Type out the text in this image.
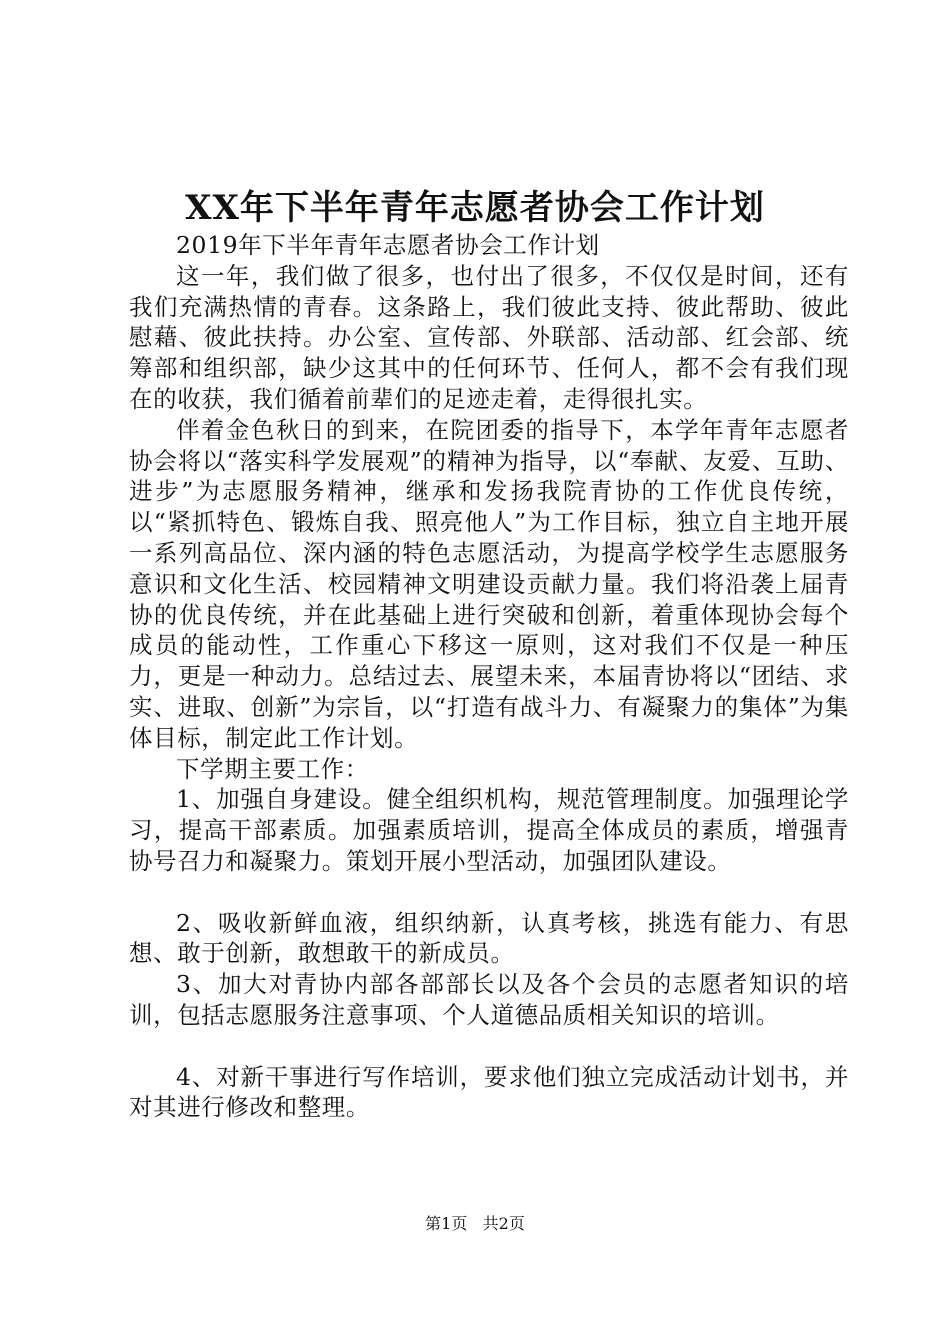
XX年下半年青年志愿者协会工作计划

2019年下半年青年志愿者协会工作计划

这一年，我们做了很多，也付出了很多，不仅仅是时间，还有我们充满热情的青春。这条路上，我们彼此支持、彼此帮助、彼此慰藉、彼此扶持。办公室、宣传部、外联部、活动部、红会部、统筹部和组织部，缺少这其中的任何环节、任何人，都不会有我们现在的收获，我们循着前辈们的足迹走着，走得很扎实。

伴着金色秋日的到来，在院团委的指导下，本学年青年志愿者协会将以“落实科学发展观”的精神为指导，以“奉献、友爱、互助、进步”为志愿服务精神，继承和发扬我院青协的工作优良传统，以“紧抓特色、锻炼自我、照亮他人”为工作目标，独立自主地开展一系列高品位、深内涵的特色志愿活动，为提高学校学生志愿服务意识和文化生活、校园精神文明建设贡献力量。我们将沿袭上届青协的优良传统，并在此基础上进行突破和创新，着重体现协会每个成员的能动性，工作重心下移这一原则，这对我们不仅是一种压力，更是一种动力。总结过去、展望未来，本届青协将以“团结、求实、进取、创新”为宗旨，以“打造有战斗力、有凝聚力的集体”为集体目标，制定此工作计划。

下学期主要工作：

1、加强自身建设。健全组织机构，规范管理制度。加强理论学习，提高干部素质。加强素质培训，提高全体成员的素质，增强青协号召力和凝聚力。策划开展小型活动，加强团队建设。

2、吸收新鲜血液，组织纳新，认真考核，挑选有能力、有思想、敢于创新，敢想敢干的新成员。

3、加大对青协内部各部部长以及各个会员的志愿者知识的培训，包括志愿服务注意事项、个人道德品质相关知识的培训。

4、对新干事进行写作培训，要求他们独立完成活动计划书，并对其进行修改和整理。

第1页 共2页
